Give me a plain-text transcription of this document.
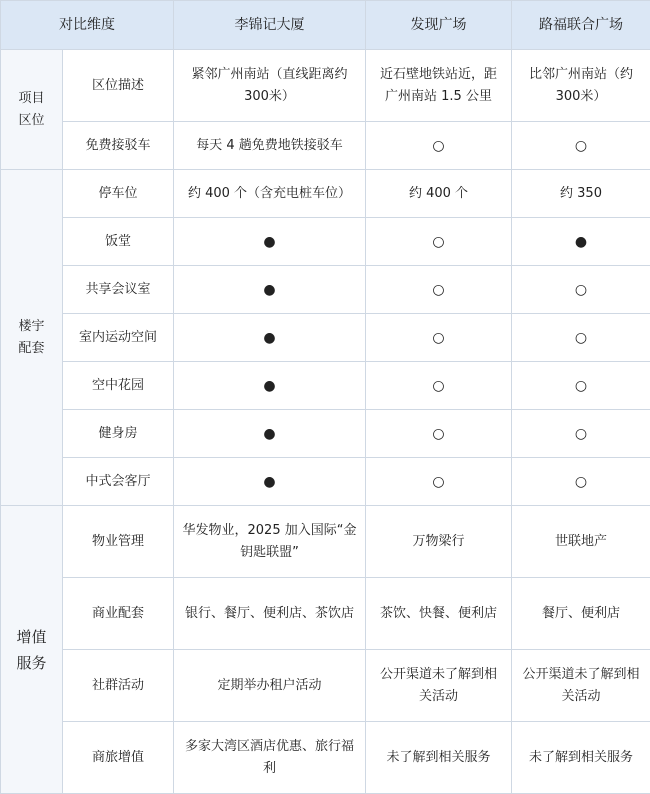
对比维度		李锦记大厦	发现广场	路福联合广场
项目区位	区位描述	紧邻广州南站（直线距离约300米）	近石壁地铁站近，距广州南站 1.5 公里	比邻广州南站（约300米）
	免费接驳车	每天 4 趟免费地铁接驳车	○	○
楼宇配套	停车位	约 400 个（含充电桩车位）	约 400 个	约 350
	饭堂	●	○	●
	共享会议室	●	○	○
	室内运动空间	●	○	○
	空中花园	●	○	○
	健身房	●	○	○
	中式会客厅	●	○	○
增值服务	物业管理	华发物业，2025 加入国际“金钥匙联盟”	万物梁行	世联地产
	商业配套	银行、餐厅、便利店、茶饮店	茶饮、快餐、便利店	餐厅、便利店
	社群活动	定期举办租户活动	公开渠道未了解到相关活动	公开渠道未了解到相关活动
	商旅增值	多家大湾区酒店优惠、旅行福利	未了解到相关服务	未了解到相关服务
